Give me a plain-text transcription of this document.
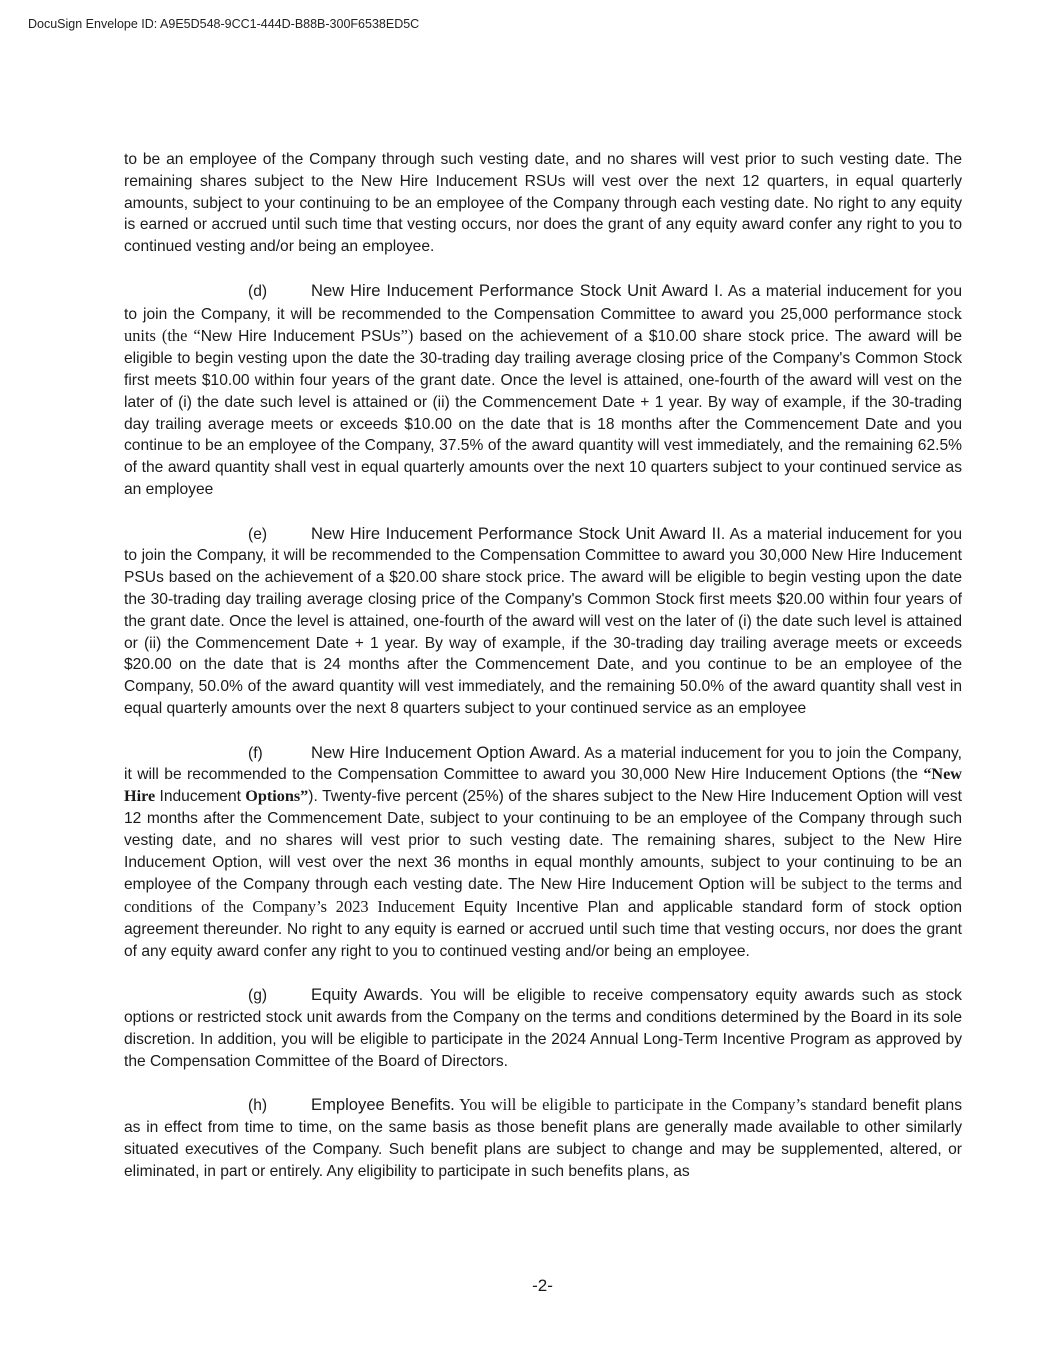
DocuSign Envelope ID: A9E5D548-9CC1-444D-B88B-300F6538ED5C

to be an employee of the Company through such vesting date, and no shares will vest prior to such vesting date. The remaining shares subject to the New Hire Inducement RSUs will vest over the next 12 quarters, in equal quarterly amounts, subject to your continuing to be an employee of the Company through each vesting date. No right to any equity is earned or accrued until such time that vesting occurs, nor does the grant of any equity award confer any right to you to continued vesting and/or being an employee.

(d)	New Hire Inducement Performance Stock Unit Award I. As a material inducement for you to join the Company, it will be recommended to the Compensation Committee to award you 25,000 performance stock units (the “New Hire Inducement PSUs”) based on the achievement of a $10.00 share stock price. The award will be eligible to begin vesting upon the date the 30-trading day trailing average closing price of the Company's Common Stock first meets $10.00 within four years of the grant date. Once the level is attained, one-fourth of the award will vest on the later of (i) the date such level is attained or (ii) the Commencement Date + 1 year. By way of example, if the 30-trading day trailing average meets or exceeds $10.00 on the date that is 18 months after the Commencement Date and you continue to be an employee of the Company, 37.5% of the award quantity will vest immediately, and the remaining 62.5% of the award quantity shall vest in equal quarterly amounts over the next 10 quarters subject to your continued service as an employee

(e)	New Hire Inducement Performance Stock Unit Award II. As a material inducement for you to join the Company, it will be recommended to the Compensation Committee to award you 30,000 New Hire Inducement PSUs based on the achievement of a $20.00 share stock price. The award will be eligible to begin vesting upon the date the 30-trading day trailing average closing price of the Company's Common Stock first meets $20.00 within four years of the grant date. Once the level is attained, one-fourth of the award will vest on the later of (i) the date such level is attained or (ii) the Commencement Date + 1 year. By way of example, if the 30-trading day trailing average meets or exceeds $20.00 on the date that is 24 months after the Commencement Date, and you continue to be an employee of the Company, 50.0% of the award quantity will vest immediately, and the remaining 50.0% of the award quantity shall vest in equal quarterly amounts over the next 8 quarters subject to your continued service as an employee

(f)	New Hire Inducement Option Award. As a material inducement for you to join the Company, it will be recommended to the Compensation Committee to award you 30,000 New Hire Inducement Options (the “New Hire Inducement Options”). Twenty-five percent (25%) of the shares subject to the New Hire Inducement Option will vest 12 months after the Commencement Date, subject to your continuing to be an employee of the Company through such vesting date, and no shares will vest prior to such vesting date. The remaining shares, subject to the New Hire Inducement Option, will vest over the next 36 months in equal monthly amounts, subject to your continuing to be an employee of the Company through each vesting date. The New Hire Inducement Option will be subject to the terms and conditions of the Company’s 2023 Inducement Equity Incentive Plan and applicable standard form of stock option agreement thereunder. No right to any equity is earned or accrued until such time that vesting occurs, nor does the grant of any equity award confer any right to you to continued vesting and/or being an employee.

(g)	Equity Awards. You will be eligible to receive compensatory equity awards such as stock options or restricted stock unit awards from the Company on the terms and conditions determined by the Board in its sole discretion. In addition, you will be eligible to participate in the 2024 Annual Long-Term Incentive Program as approved by the Compensation Committee of the Board of Directors.

(h)	Employee Benefits. You will be eligible to participate in the Company’s standard benefit plans as in effect from time to time, on the same basis as those benefit plans are generally made available to other similarly situated executives of the Company. Such benefit plans are subject to change and may be supplemented, altered, or eliminated, in part or entirely. Any eligibility to participate in such benefits plans, as

-2-
